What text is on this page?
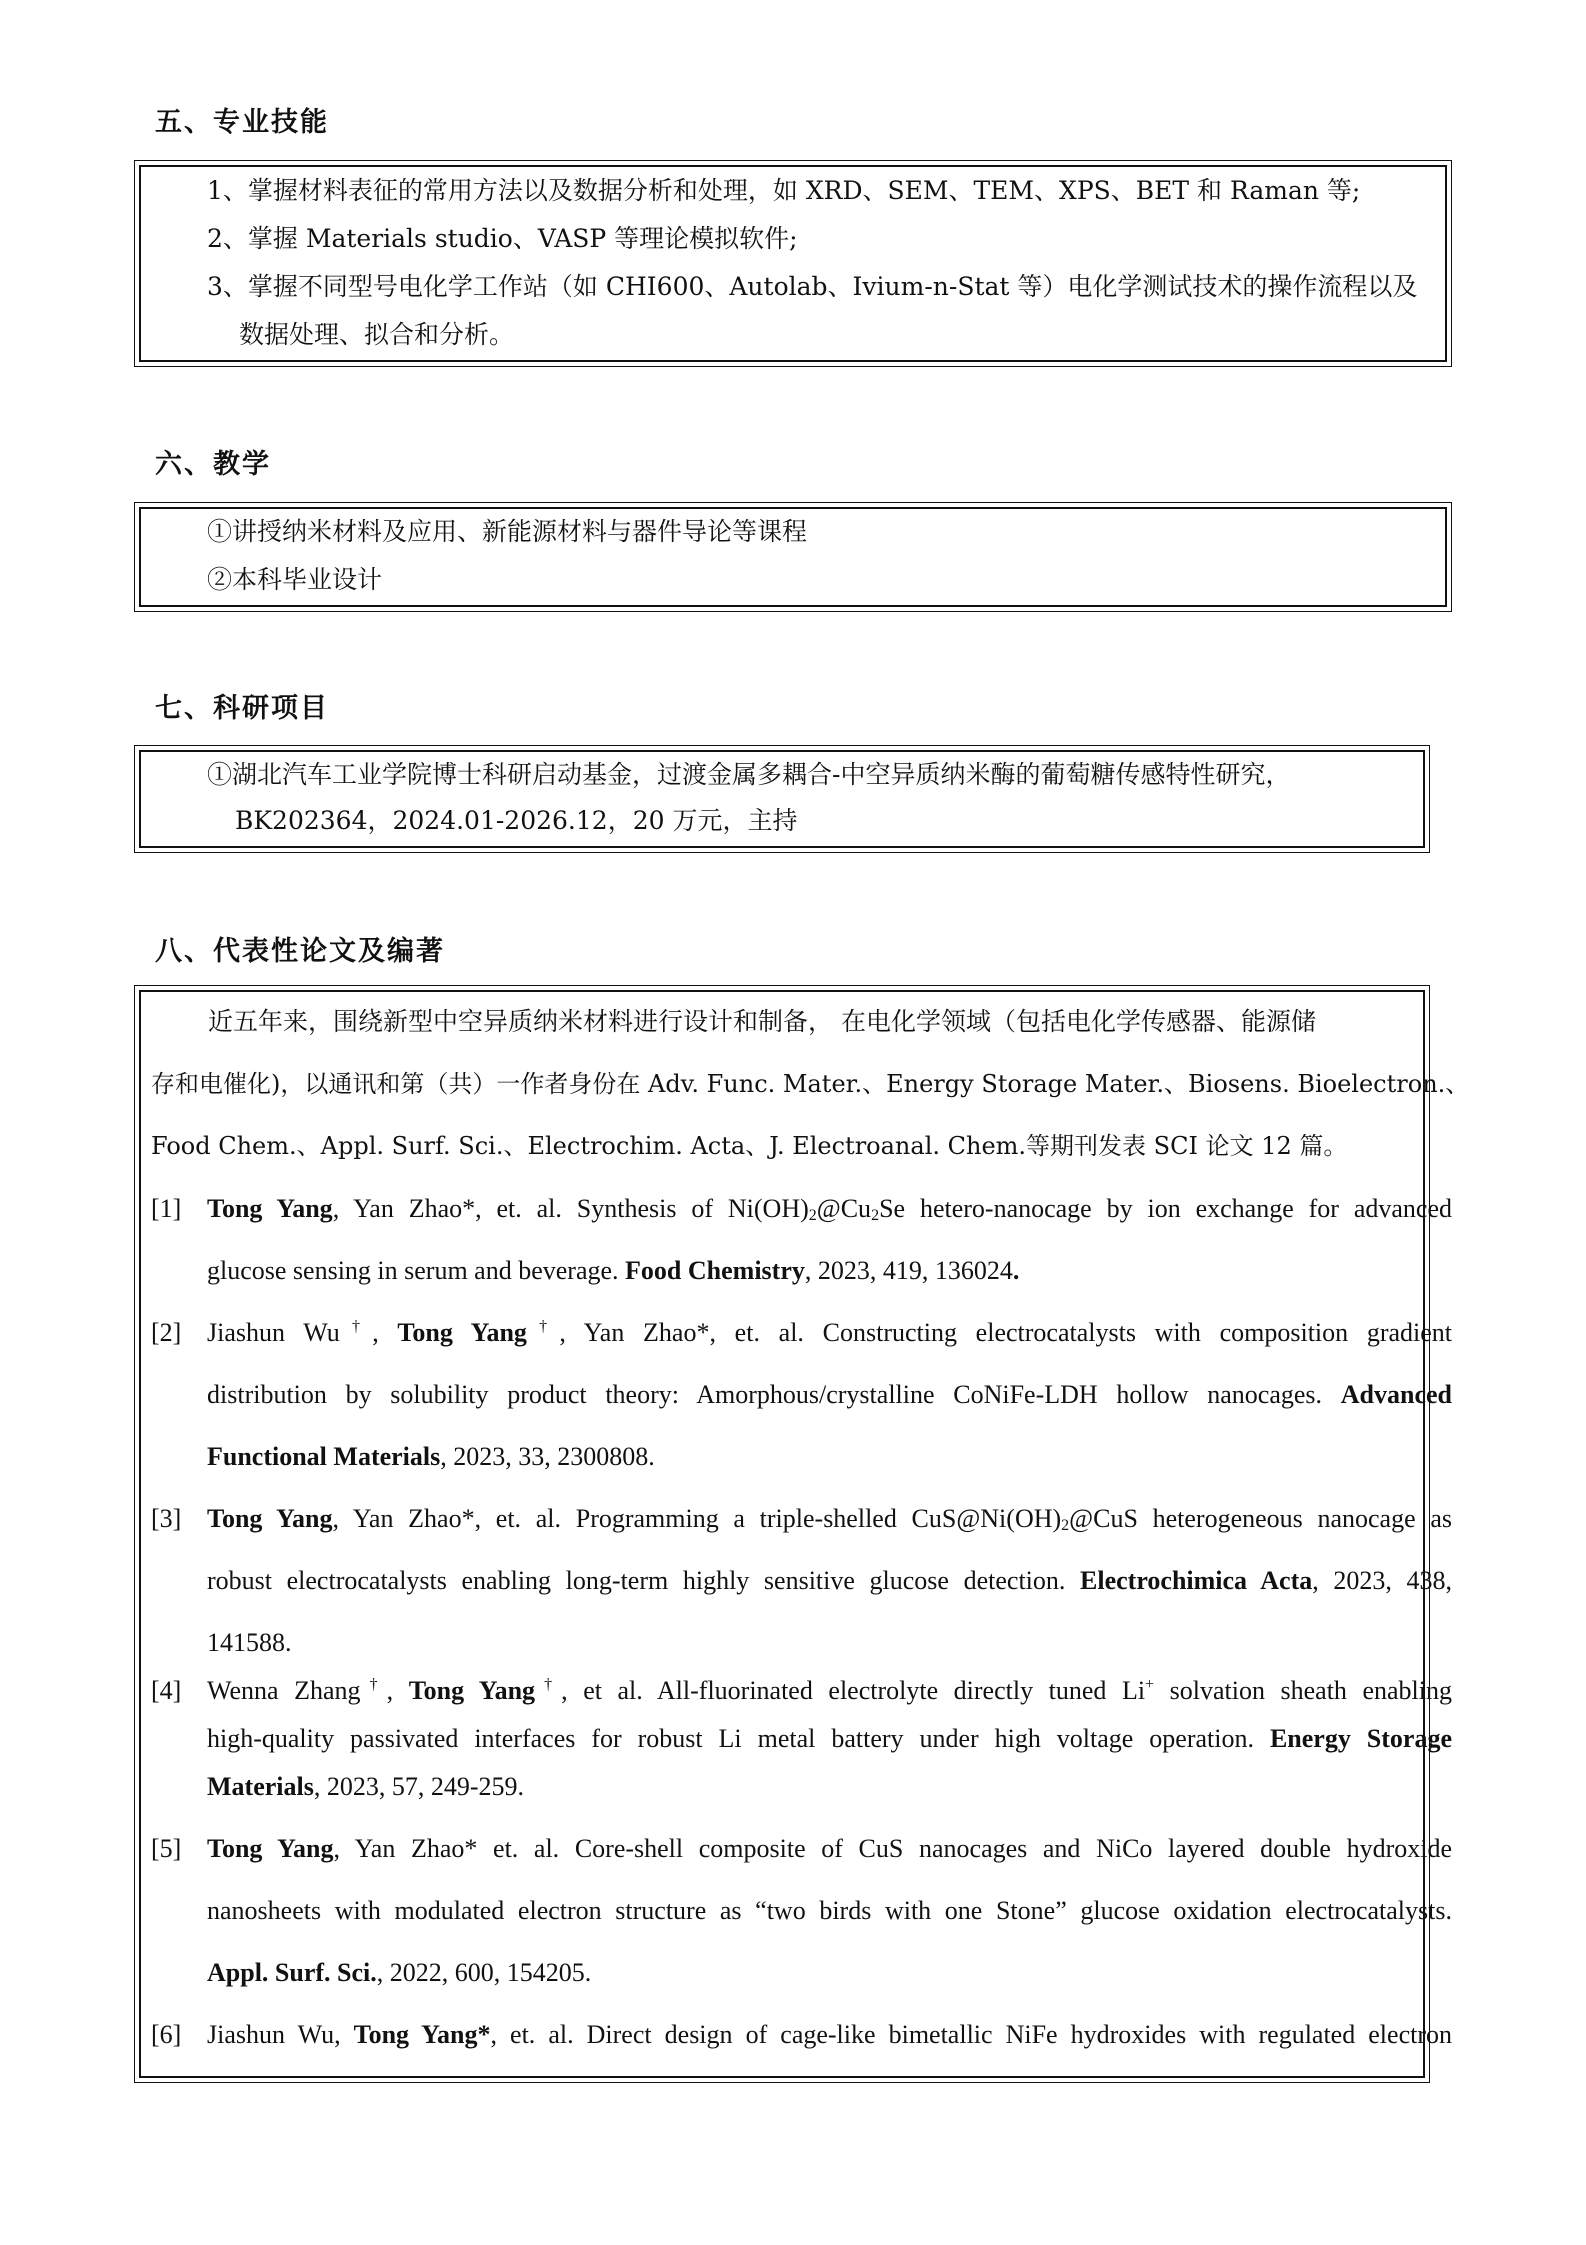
五、专业技能
1、掌握材料表征的常用方法以及数据分析和处理，如 XRD、SEM、TEM、XPS、BET 和 Raman 等;
2、掌握 Materials studio、VASP 等理论模拟软件;
3、掌握不同型号电化学工作站（如 CHI600、Autolab、Ivium-n-Stat 等）电化学测试技术的操作流程以及
数据处理、拟合和分析。
六、教学
①讲授纳米材料及应用、新能源材料与器件导论等课程
②本科毕业设计
七、科研项目
①湖北汽车工业学院博士科研启动基金，过渡金属多耦合-中空异质纳米酶的葡萄糖传感特性研究，
BK202364，2024.01-2026.12，20 万元，主持
八、代表性论文及编著
近五年来，围绕新型中空异质纳米材料进行设计和制备， 在电化学领域（包括电化学传感器、能源储
存和电催化)，以通讯和第（共）一作者身份在 Adv. Func. Mater.、Energy Storage Mater.、Biosens. Bioelectron.、
Food Chem.、Appl. Surf. Sci.、Electrochim. Acta、J. Electroanal. Chem.等期刊发表 SCI 论文 12 篇。
[1] Tong Yang, Yan Zhao*, et. al. Synthesis of $Ni(OH)_2@Cu_2Se$ hetero-nanocage by ion exchange for advanced
glucose sensing in serum and beverage. Food Chemistry, 2023, 419, 136024.
[2] Jiashun Wu†, Tong Yang†, Yan Zhao*, et. al. Constructing electrocatalysts with composition gradient
distribution by solubility product theory: Amorphous/crystalline CoNiFe-LDH hollow nanocages. Advanced
Functional Materials, 2023, 33, 2300808.
[3] Tong Yang, Yan Zhao*, et. al. Programming a triple-shelled $CuS@Ni(OH)_2@CuS$ heterogeneous nanocage as
robust electrocatalysts enabling long-term highly sensitive glucose detection. Electrochimica Acta, 2023, 438,
141588.
[4] Wenna Zhang†, Tong Yang†, et al. All-fluorinated electrolyte directly tuned Li+ solvation sheath enabling
high-quality passivated interfaces for robust Li metal battery under high voltage operation. Energy Storage
Materials, 2023, 57, 249-259.
[5] Tong Yang, Yan Zhao* et. al. Core-shell composite of CuS nanocages and NiCo layered double hydroxide
nanosheets with modulated electron structure as “two birds with one Stone” glucose oxidation electrocatalysts.
Appl. Surf. Sci., 2022, 600, 154205.
[6] Jiashun Wu, Tong Yang*, et. al. Direct design of cage-like bimetallic NiFe hydroxides with regulated electron
